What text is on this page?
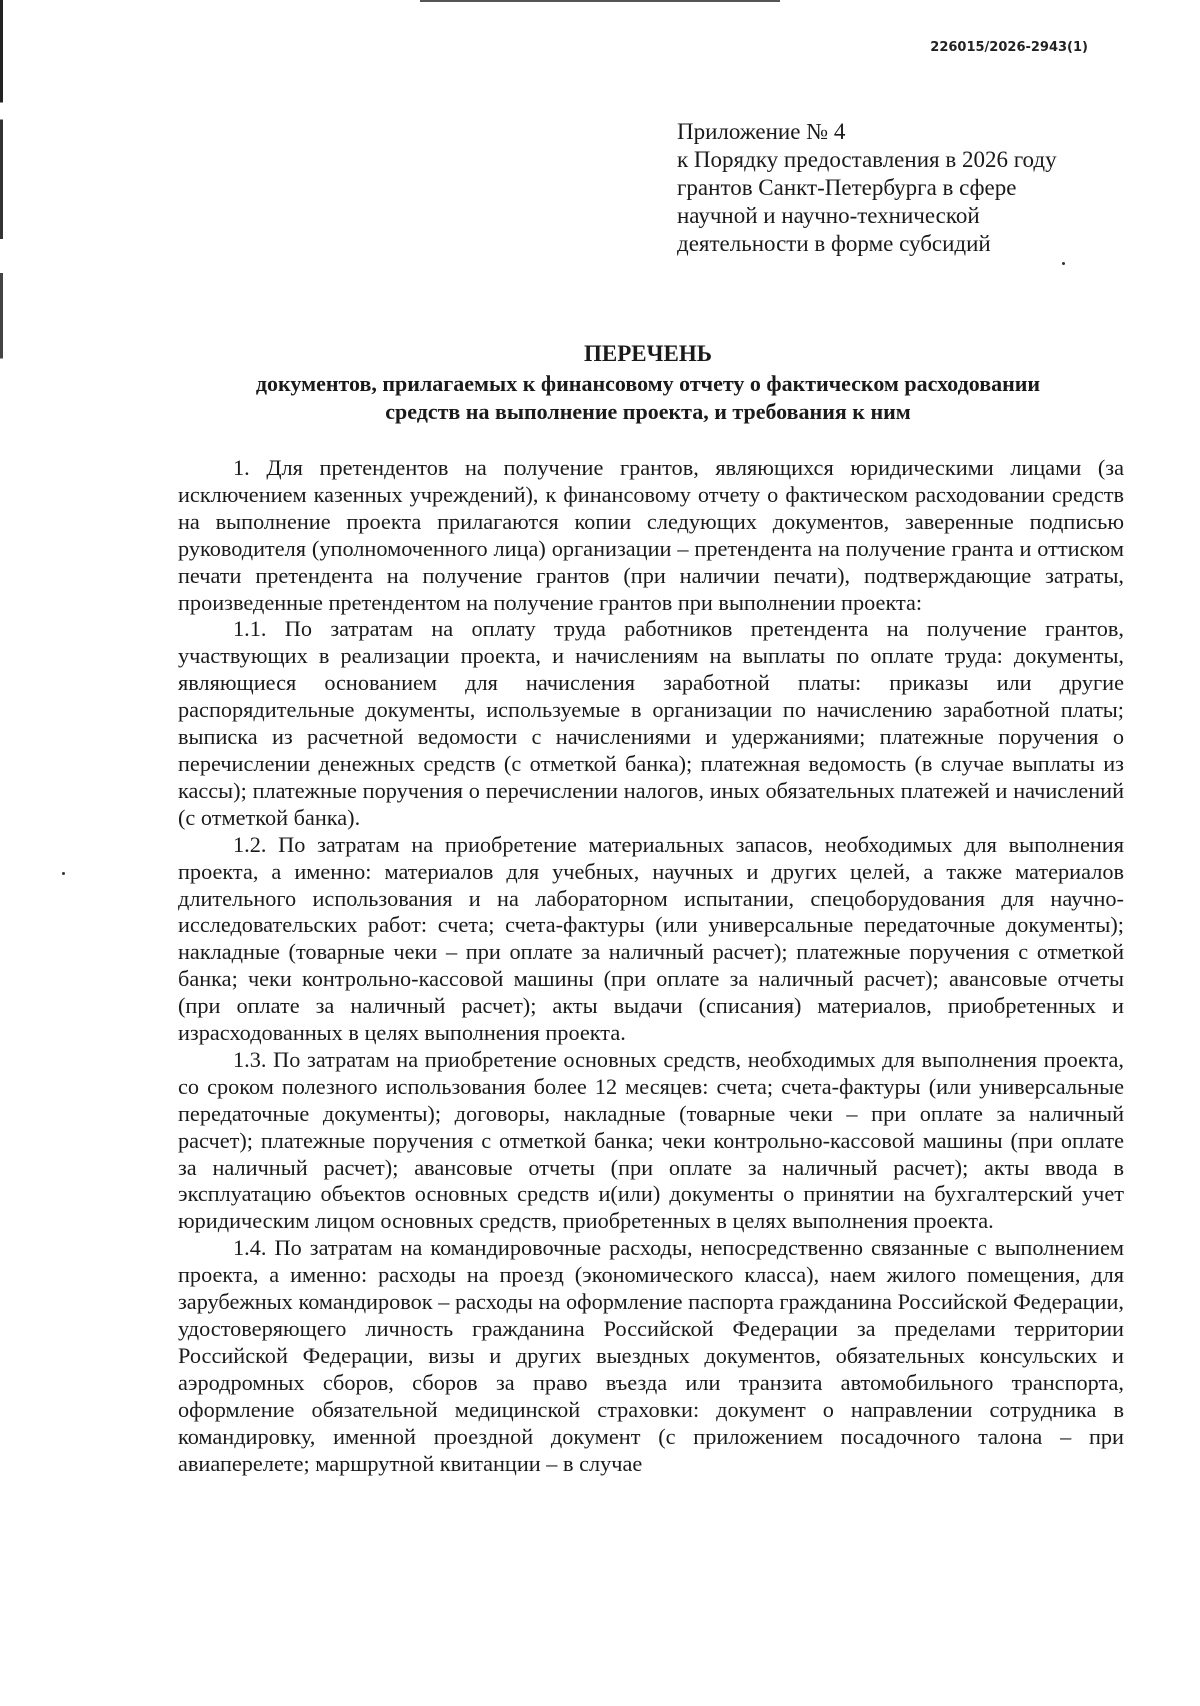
226015/2026-2943(1)
Приложение № 4
к Порядку предоставления в 2026 году
грантов Санкт-Петербурга в сфере
научной и научно-технической
деятельности в форме субсидий
ПЕРЕЧЕНЬ
документов, прилагаемых к финансовому отчету о фактическом расходовании
средств на выполнение проекта, и требования к ним

1. Для претендентов на получение грантов, являющихся юридическими лицами (за исключением казенных учреждений), к финансовому отчету о фактическом расходовании средств на выполнение проекта прилагаются копии следующих документов, заверенные подписью руководителя (уполномоченного лица) организации – претендента на получение гранта и оттиском печати претендента на получение грантов (при наличии печати), подтверждающие затраты, произведенные претендентом на получение грантов при выполнении проекта:

1.1. По затратам на оплату труда работников претендента на получение грантов, участвующих в реализации проекта, и начислениям на выплаты по оплате труда: документы, являющиеся основанием для начисления заработной платы: приказы или другие распорядительные документы, используемые в организации по начислению заработной платы; выписка из расчетной ведомости с начислениями и удержаниями; платежные поручения о перечислении денежных средств (с отметкой банка); платежная ведомость (в случае выплаты из кассы); платежные поручения о перечислении налогов, иных обязательных платежей и начислений (с отметкой банка).

1.2. По затратам на приобретение материальных запасов, необходимых для выполнения проекта, а именно: материалов для учебных, научных и других целей, а также материалов длительного использования и на лабораторном испытании, спецоборудования для научно-исследовательских работ: счета; счета-фактуры (или универсальные передаточные документы); накладные (товарные чеки – при оплате за наличный расчет); платежные поручения с отметкой банка; чеки контрольно-кассовой машины (при оплате за наличный расчет); авансовые отчеты (при оплате за наличный расчет); акты выдачи (списания) материалов, приобретенных и израсходованных в целях выполнения проекта.

1.3. По затратам на приобретение основных средств, необходимых для выполнения проекта, со сроком полезного использования более 12 месяцев: счета; счета-фактуры (или универсальные передаточные документы); договоры, накладные (товарные чеки – при оплате за наличный расчет); платежные поручения с отметкой банка; чеки контрольно-кассовой машины (при оплате за наличный расчет); авансовые отчеты (при оплате за наличный расчет); акты ввода в эксплуатацию объектов основных средств и(или) документы о принятии на бухгалтерский учет юридическим лицом основных средств, приобретенных в целях выполнения проекта.

1.4. По затратам на командировочные расходы, непосредственно связанные с выполнением проекта, а именно: расходы на проезд (экономического класса), наем жилого помещения, для зарубежных командировок – расходы на оформление паспорта гражданина Российской Федерации, удостоверяющего личность гражданина Российской Федерации за пределами территории Российской Федерации, визы и других выездных документов, обязательных консульских и аэродромных сборов, сборов за право въезда или транзита автомобильного транспорта, оформление обязательной медицинской страховки: документ о направлении сотрудника в командировку, именной проездной документ (с приложением посадочного талона – при авиаперелете; маршрутной квитанции – в случае
